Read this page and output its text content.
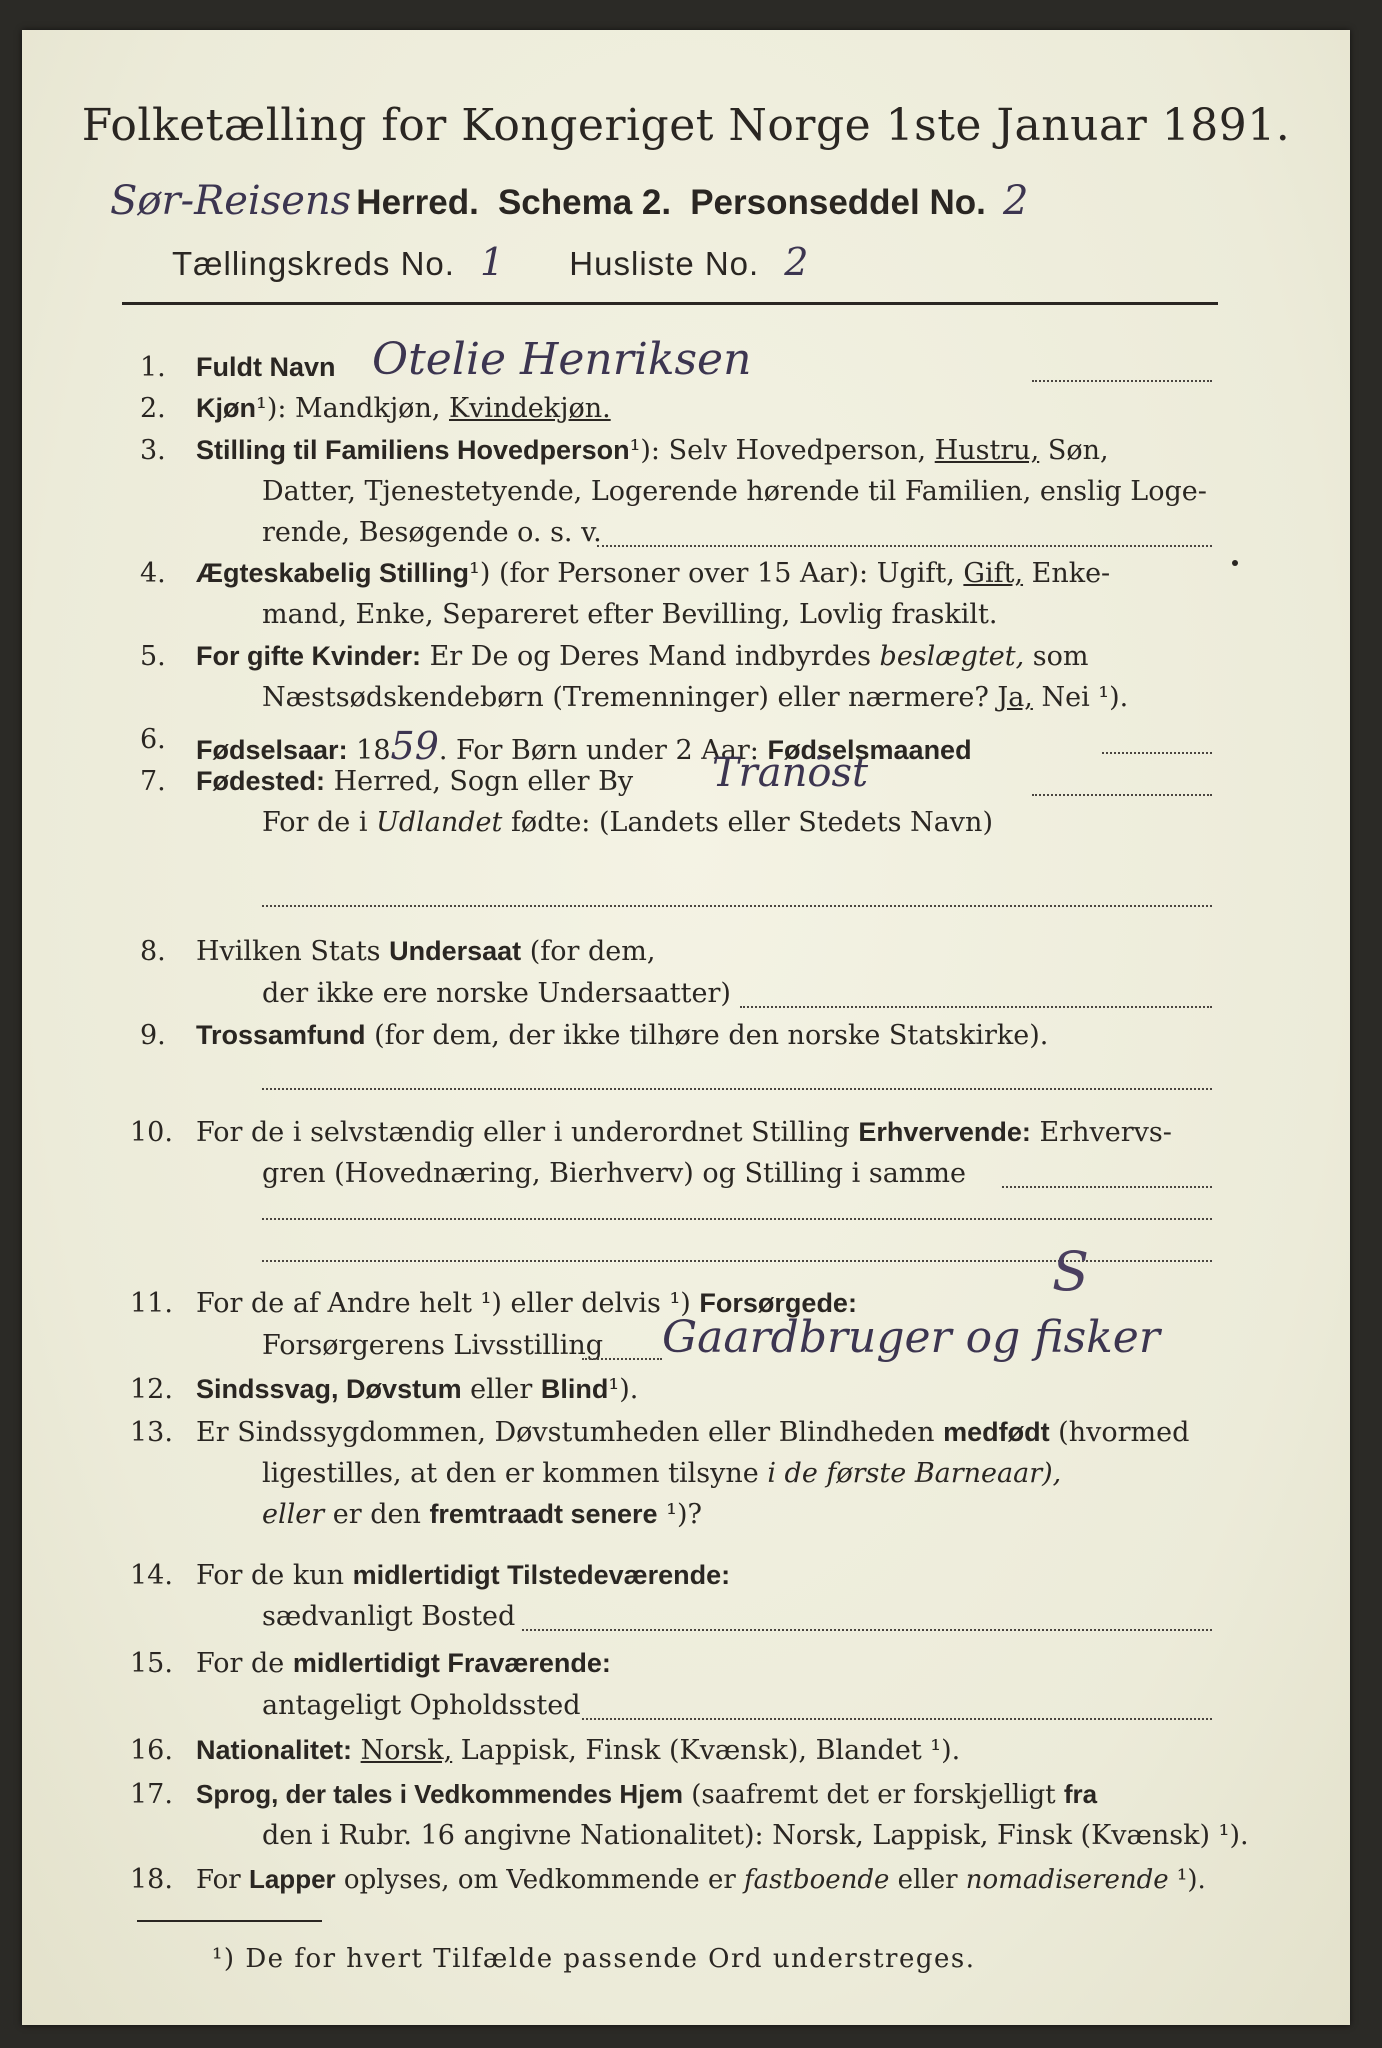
Folketælling for Kongeriget Norge 1ste Januar 1891.
Sør-Reisens Herred. Schema 2. Personseddel No. 2
Tællingskreds No. 1 Husliste No. 2
1. Fuldt Navn Otelie Henriksen
2. Kjøn¹): Mandkjøn, Kvindekjøn.
3. Stilling til Familiens Hovedperson¹): Selv Hovedperson, Hustru, Søn,
Datter, Tjenestetyende, Logerende hørende til Familien, enslig Loge-
rende, Besøgende o. s. v.
4. Ægteskabelig Stilling¹) (for Personer over 15 Aar): Ugift, Gift, Enke-
mand, Enke, Separeret efter Bevilling, Lovlig fraskilt.
5. For gifte Kvinder: Er De og Deres Mand indbyrdes beslægtet, som
Næstsødskendebørn (Tremenninger) eller nærmere? Ja, Nei ¹).
6. Fødselsaar: 1859. For Børn under 2 Aar: Fødselsmaaned
7. Fødested: Herred, Sogn eller By Tranöst
For de i Udlandet fødte: (Landets eller Stedets Navn)
8. Hvilken Stats Undersaat (for dem,
der ikke ere norske Undersaatter)
9. Trossamfund (for dem, der ikke tilhøre den norske Statskirke).
10. For de i selvstændig eller i underordnet Stilling Erhvervende: Erhvervs-
gren (Hovednæring, Bierhverv) og Stilling i samme
11. For de af Andre helt ¹) eller delvis ¹) Forsørgede:
Forsørgerens Livsstilling
S
Gaardbruger og fisker
12. Sindssvag, Døvstum eller Blind¹).
13. Er Sindssygdommen, Døvstumheden eller Blindheden medfødt (hvormed
ligestilles, at den er kommen tilsyne i de første Barneaar),
eller er den fremtraadt senere ¹)?
14. For de kun midlertidigt Tilstedeværende:
sædvanligt Bosted
15. For de midlertidigt Fraværende:
antageligt Opholdssted
16. Nationalitet: Norsk, Lappisk, Finsk (Kvænsk), Blandet ¹).
17. Sprog, der tales i Vedkommendes Hjem (saafremt det er forskjelligt fra
den i Rubr. 16 angivne Nationalitet): Norsk, Lappisk, Finsk (Kvænsk) ¹).
18. For Lapper oplyses, om Vedkommende er fastboende eller nomadiserende ¹).
¹) De for hvert Tilfælde passende Ord understreges.
